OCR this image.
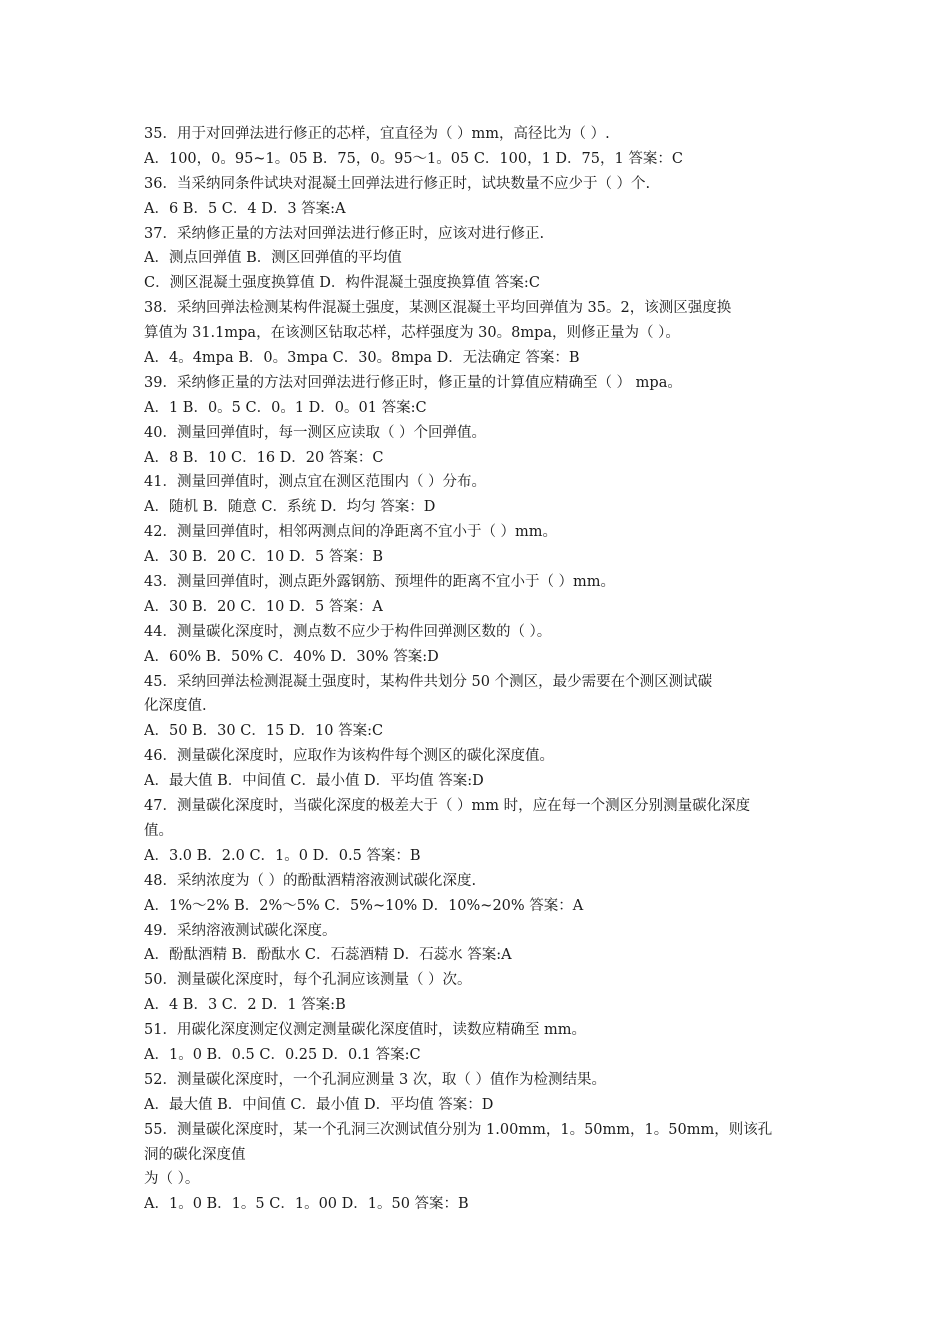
35．用于对回弹法进行修正的芯样，宜直径为（ ）mm，高径比为（ ）.
A．100，0。95~1。05 B．75，0。95～1。05 C．100，1 D．75，1 答案：C
36．当采纳同条件试块对混凝土回弹法进行修正时，试块数量不应少于（ ）个.
A．6 B．5 C．4 D．3 答案:A
37．采纳修正量的方法对回弹法进行修正时，应该对进行修正.
A．测点回弹值 B．测区回弹值的平均值
C．测区混凝土强度换算值 D．构件混凝土强度换算值 答案:C
38．采纳回弹法检测某构件混凝土强度，某测区混凝土平均回弹值为 35。2，该测区强度换
算值为 31.1mpa，在该测区钻取芯样，芯样强度为 30。8mpa，则修正量为（ ）。
A．4。4mpa B．0。3mpa C．30。8mpa D．无法确定 答案：B
39．采纳修正量的方法对回弹法进行修正时，修正量的计算值应精确至（ ） mpa。
A．1 B．0。5 C．0。1 D．0。01 答案:C
40．测量回弹值时，每一测区应读取（ ）个回弹值。
A．8 B．10 C．16 D．20 答案：C
41．测量回弹值时，测点宜在测区范围内（ ）分布。
A．随机 B．随意 C．系统 D．均匀 答案：D
42．测量回弹值时，相邻两测点间的净距离不宜小于（ ）mm。
A．30 B．20 C．10 D．5 答案：B
43．测量回弹值时，测点距外露钢筋、预埋件的距离不宜小于（ ）mm。
A．30 B．20 C．10 D．5 答案：A
44．测量碳化深度时，测点数不应少于构件回弹测区数的（ ）。
A．60% B．50% C．40% D．30% 答案:D
45．采纳回弹法检测混凝土强度时，某构件共划分 50 个测区，最少需要在个测区测试碳
化深度值.
A．50 B．30 C．15 D．10 答案:C
46．测量碳化深度时，应取作为该构件每个测区的碳化深度值。
A．最大值 B．中间值 C．最小值 D．平均值 答案:D
47．测量碳化深度时，当碳化深度的极差大于（ ）mm 时，应在每一个测区分别测量碳化深度
值。
A．3.0 B．2.0 C．1。0 D．0.5 答案：B
48．采纳浓度为（ ）的酚酞酒精溶液测试碳化深度.
A．1%～2% B．2%～5% C．5%~10% D．10%~20% 答案：A
49．采纳溶液测试碳化深度。
A．酚酞酒精 B．酚酞水 C．石蕊酒精 D．石蕊水 答案:A
50．测量碳化深度时，每个孔洞应该测量（ ）次。
A．4 B．3 C．2 D．1 答案:B
51．用碳化深度测定仪测定测量碳化深度值时，读数应精确至 mm。
A．1。0 B．0.5 C．0.25 D．0.1 答案:C
52．测量碳化深度时，一个孔洞应测量 3 次，取（ ）值作为检测结果。
A．最大值 B．中间值 C．最小值 D．平均值 答案：D
55．测量碳化深度时，某一个孔洞三次测试值分别为 1.00mm，1。50mm，1。50mm，则该孔
洞的碳化深度值
为（ ）。
A．1。0 B．1。5 C．1。00 D．1。50 答案：B
